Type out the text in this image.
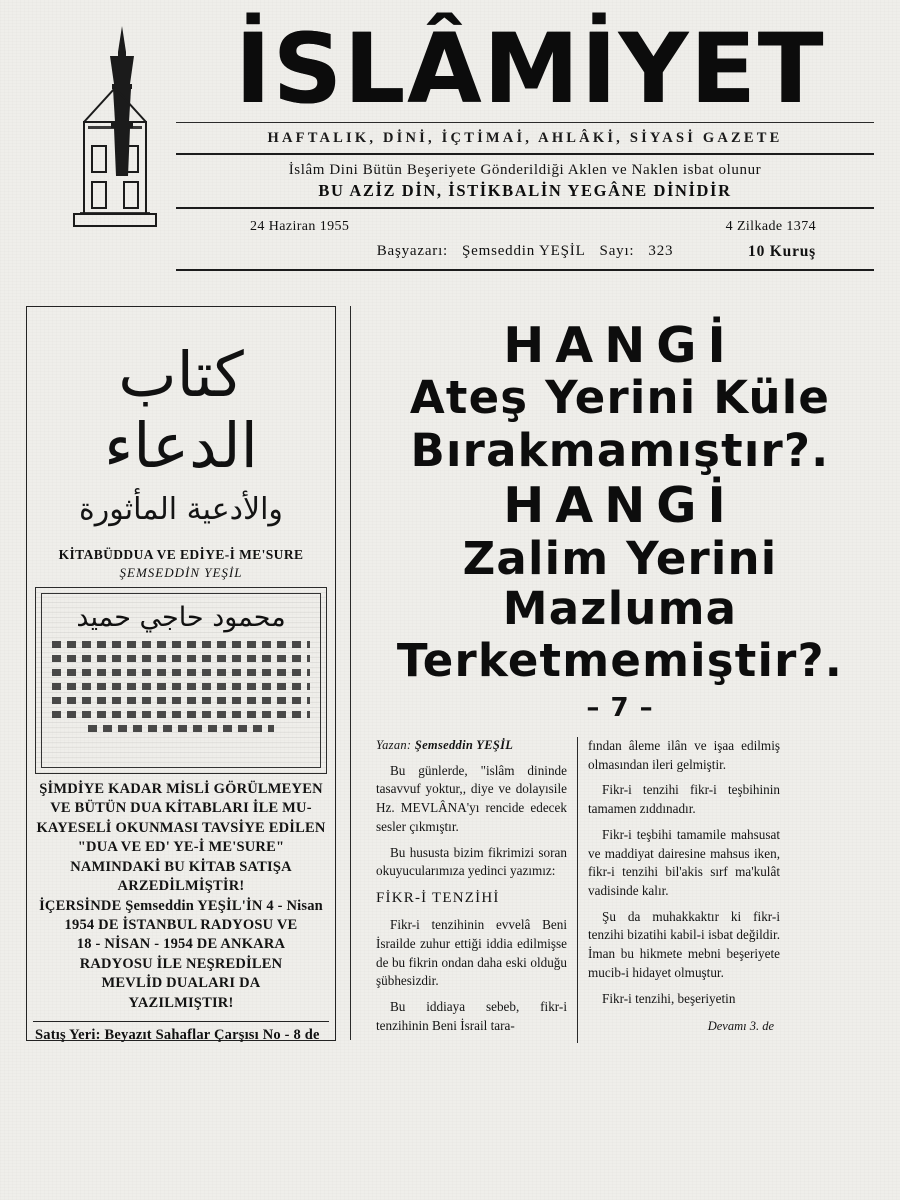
İSLÂMİYET
HAFTALIK, DİNİ, İÇTİMAİ, AHLÂKİ, SİYASİ GAZETE
İslâm Dini Bütün Beşeriyete Gönderildiği Aklen ve Naklen isbat olunur
BU AZİZ DİN, İSTİKBALİN YEGÂNE DİNİDİR
24 Haziran 1955	4 Zilkade 1374
Başyazarı: Şemseddin YEŞİL Sayı: 323	10 Kuruş
كتاب الدعاء
والأدعية المأثورة
KİTABÜDDUA VE EDİYE-İ ME'SURE
ŞEMSEDDİN YEŞİL
محمود حاجي حميد
ŞİMDİYE KADAR MİSLİ GÖRÜLMEYEN
VE BÜTÜN DUA KİTABLARI İLE MU-
KAYESELİ OKUNMASI TAVSİYE EDİLEN
"DUA VE ED' YE-İ ME'SURE"
NAMINDAKİ BU KİTAB SATIŞA
ARZEDİLMİŞTİR!
İÇERSİNDE Şemseddin YEŞİL'İN 4 - Nisan
1954 DE İSTANBUL RADYOSU VE
18 - NİSAN - 1954 DE ANKARA
RADYOSU İLE NEŞREDİLEN
MEVLİD DUALARI DA
YAZILMIŞTIR!
Satış Yeri: Beyazıt Sahaflar Çarşısı No - 8 de
HANGİ
Ateş Yerini Küle
Bırakmamıştır?.
HANGİ
Zalim Yerini Mazluma
Terketmemiştir?.
– 7 –
Yazan: Şemseddin YEŞİL

Bu günlerde, "islâm dininde tasavvuf yoktur,, diye ve dolayısile Hz. MEVLÂNA'yı rencide edecek sesler çıkmıştır.

Bu hususta bizim fikrimizi soran okuyucularımıza yedinci yazımız:

FİKR-İ TENZİHİ

Fikr-i tenzihinin evvelâ Beni İsrailde zuhur ettiği iddia edilmişse de bu fikrin ondan daha eski olduğu şübhesizdir.

Bu iddiaya sebeb, fikr-i tenzihinin Beni İsrail tara-

fından âleme ilân ve işaa edilmiş olmasından ileri gelmiştir.

Fikr-i tenzihi fikr-i teşbihinin tamamen zıddınadır.

Fikr-i teşbihi tamamile mahsusat ve maddiyat dairesine mahsus iken, fikr-i tenzihi bil'akis sırf ma'kulât vadisinde kalır.

Şu da muhakkaktır ki fikr-i tenzihi bizatihi kabil-i isbat değildir. İman bu hikmete mebni beşeriyete mucib-i hidayet olmuştur.

Fikr-i tenzihi, beşeriyetin

Devamı 3. de
